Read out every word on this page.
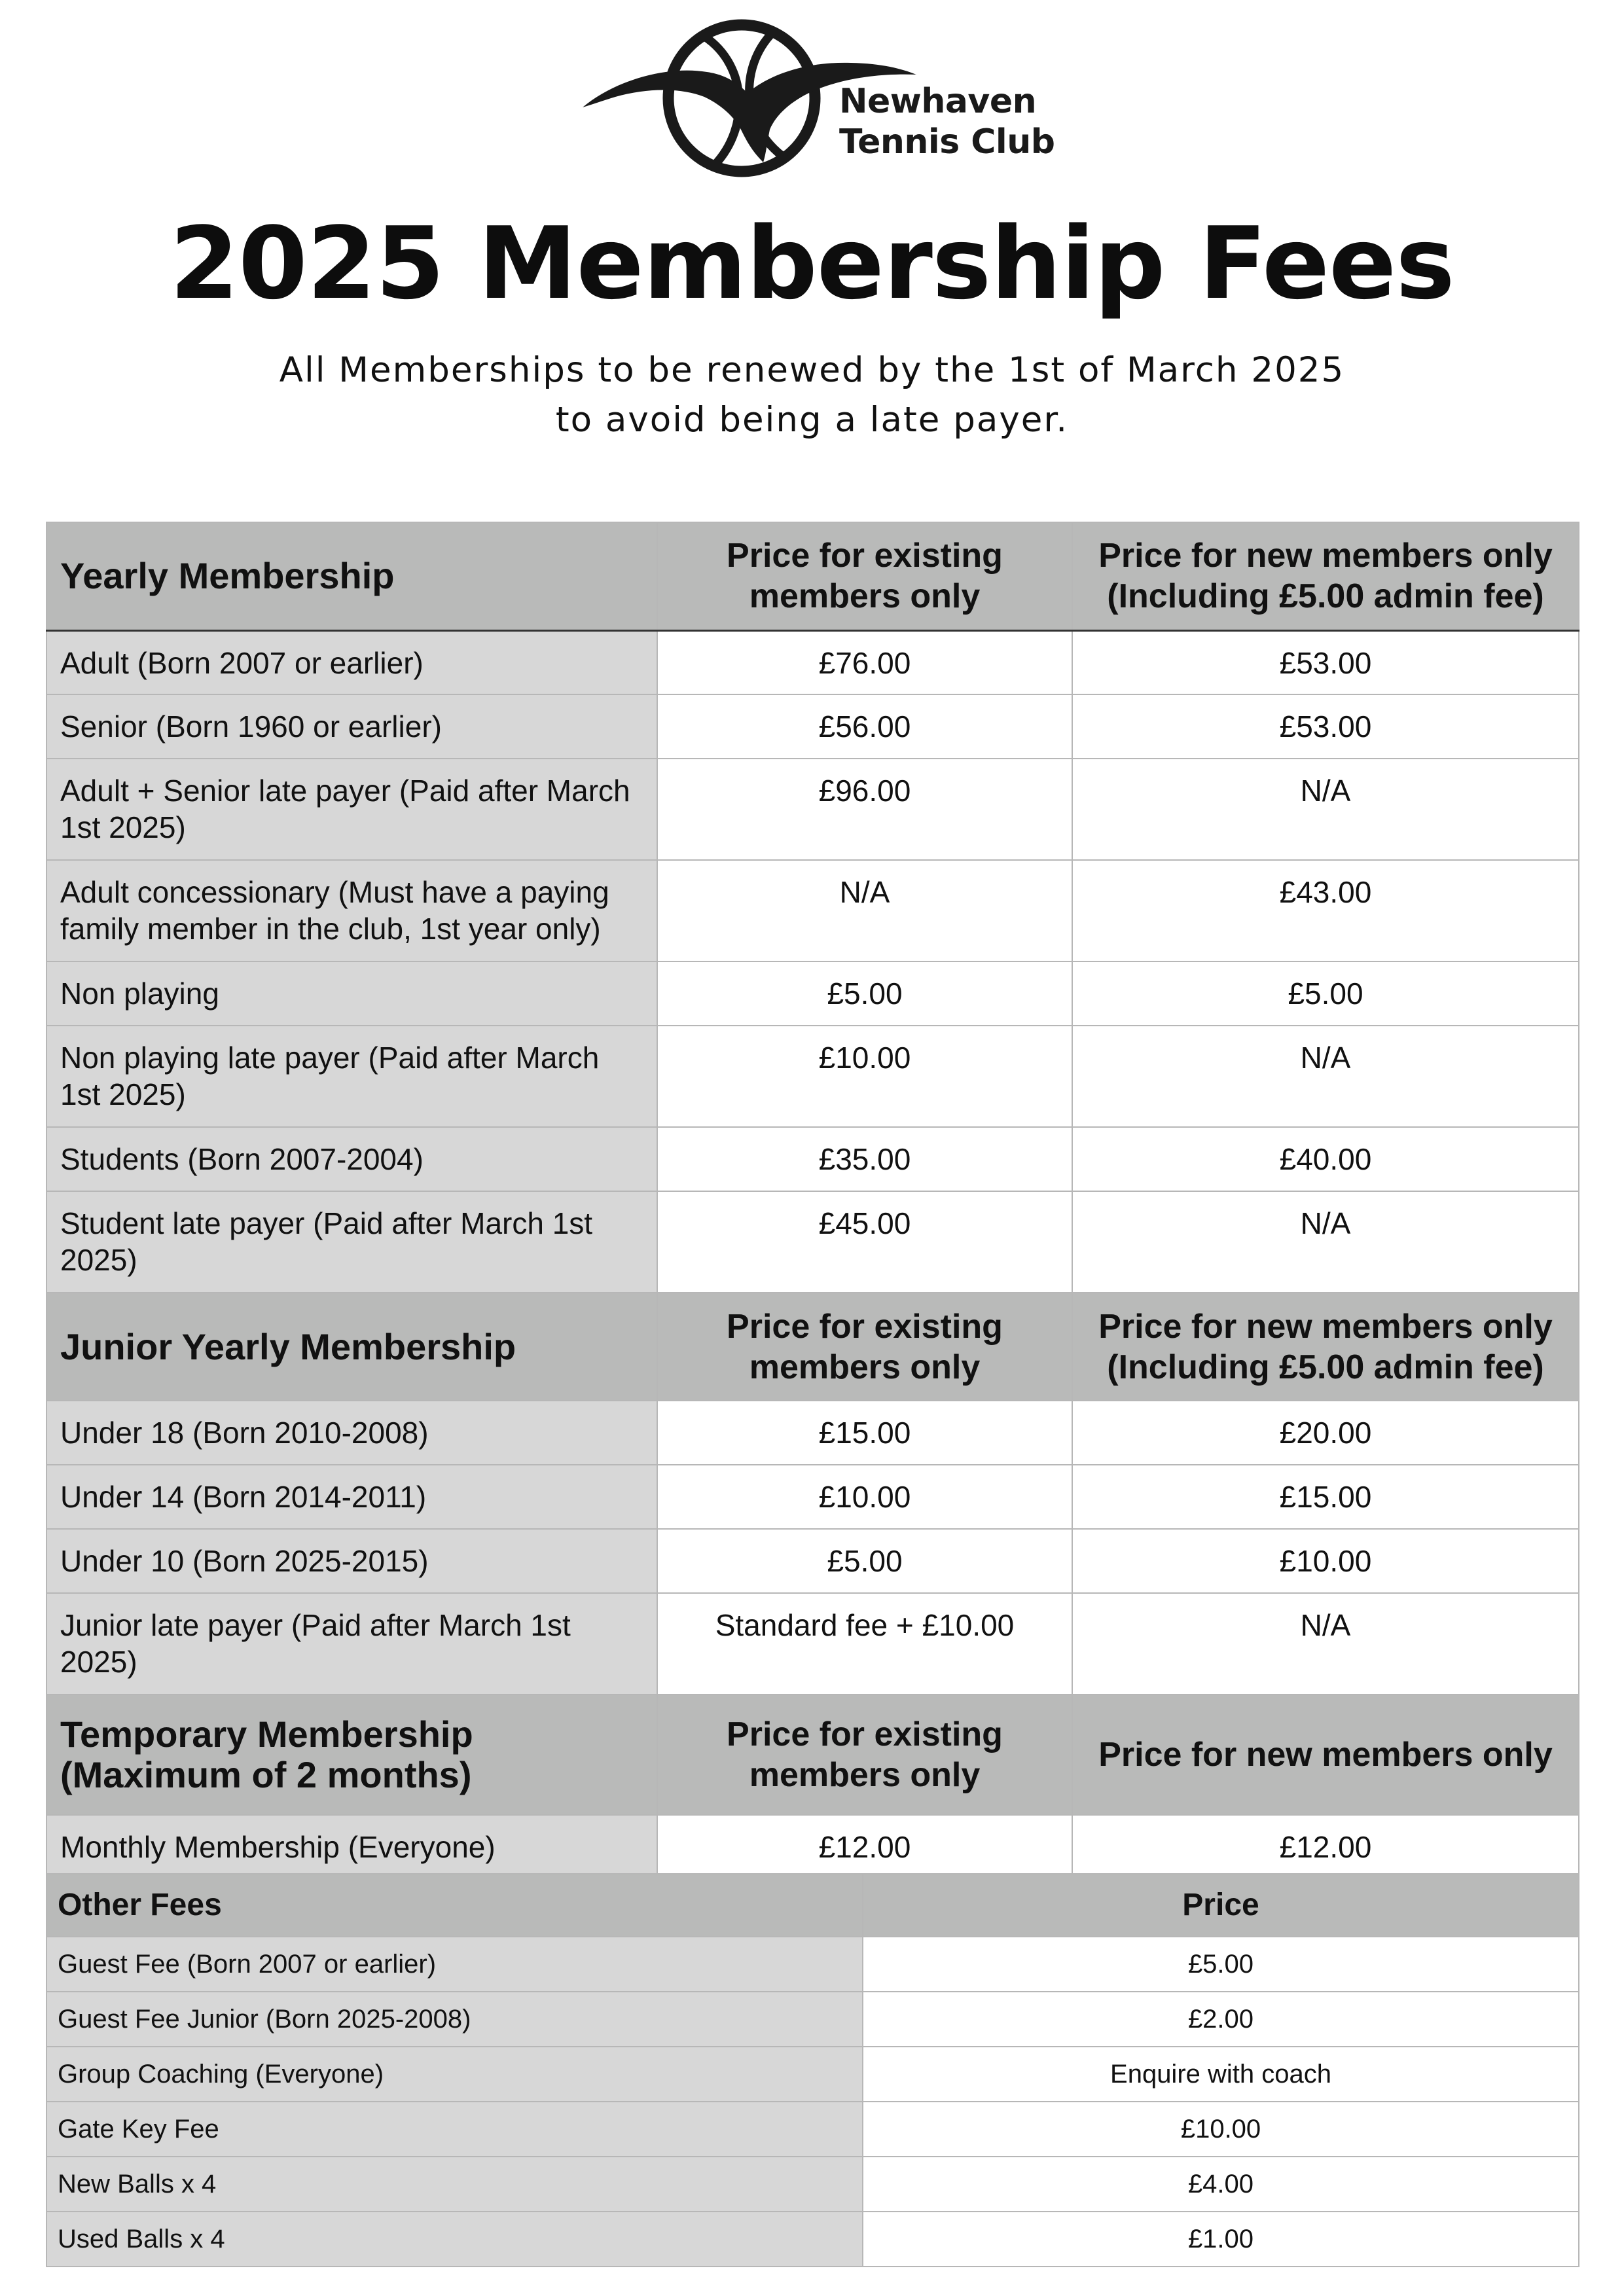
Newhaven
Tennis Club
2025 Membership Fees
All Memberships to be renewed by the 1st of March 2025
to avoid being a late payer.
Yearly Membership	Price for existing members only	Price for new members only (Including £5.00 admin fee)
Adult (Born 2007 or earlier)	£76.00	£53.00
Senior (Born 1960 or earlier)	£56.00	£53.00
Adult + Senior late payer (Paid after March 1st 2025)	£96.00	N/A
Adult concessionary (Must have a paying family member in the club, 1st year only)	N/A	£43.00
Non playing	£5.00	£5.00
Non playing late payer (Paid after March 1st 2025)	£10.00	N/A
Students (Born 2007-2004)	£35.00	£40.00
Student late payer (Paid after March 1st 2025)	£45.00	N/A
Junior Yearly Membership	Price for existing members only	Price for new members only (Including £5.00 admin fee)
Under 18 (Born 2010-2008)	£15.00	£20.00
Under 14 (Born 2014-2011)	£10.00	£15.00
Under 10 (Born 2025-2015)	£5.00	£10.00
Junior late payer (Paid after March 1st 2025)	Standard fee + £10.00	N/A
Temporary Membership (Maximum of 2 months)	Price for existing members only	Price for new members only
Monthly Membership (Everyone)	£12.00	£12.00
Other Fees	Price
Guest Fee (Born 2007 or earlier)	£5.00
Guest Fee Junior (Born 2025-2008)	£2.00
Group Coaching (Everyone)	Enquire with coach
Gate Key Fee	£10.00
New Balls x 4	£4.00
Used Balls x 4	£1.00
